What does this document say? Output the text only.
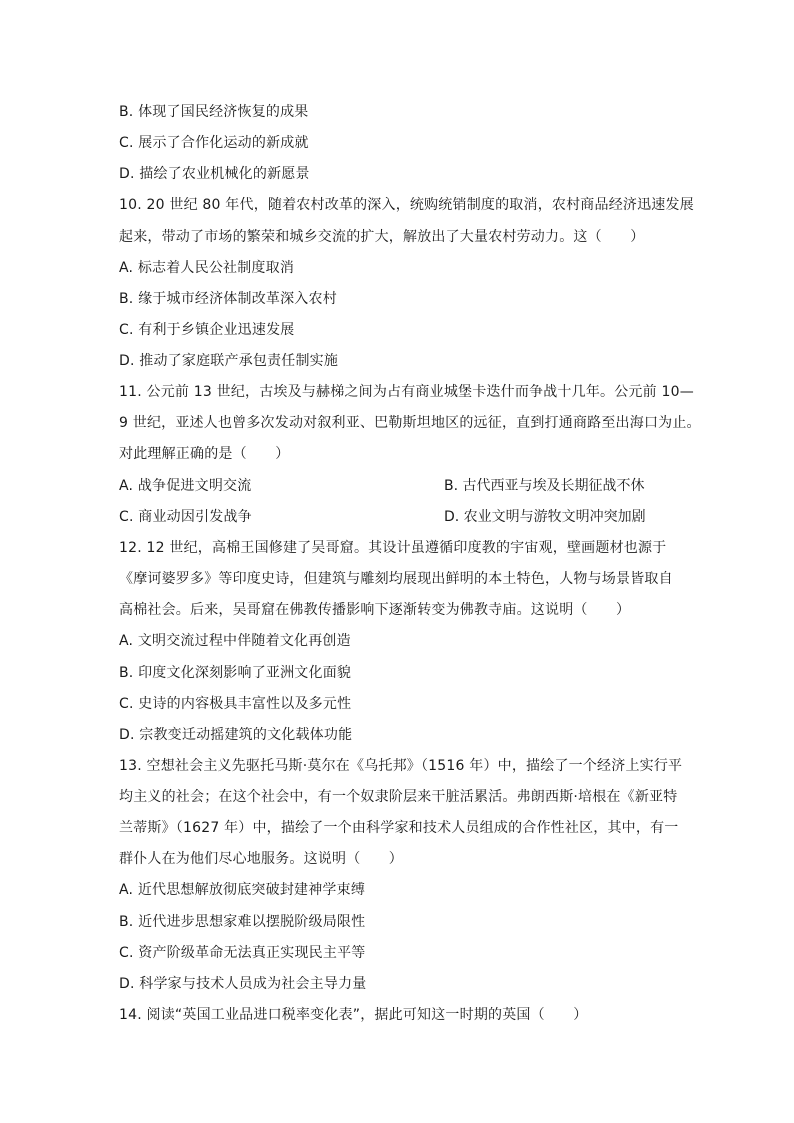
B. 体现了国民经济恢复的成果
C. 展示了合作化运动的新成就
D. 描绘了农业机械化的新愿景
10. 20 世纪 80 年代，随着农村改革的深入，统购统销制度的取消，农村商品经济迅速发展
起来，带动了市场的繁荣和城乡交流的扩大，解放出了大量农村劳动力。这（　　）
A. 标志着人民公社制度取消
B. 缘于城市经济体制改革深入农村
C. 有利于乡镇企业迅速发展
D. 推动了家庭联产承包责任制实施
11. 公元前 13 世纪，古埃及与赫梯之间为占有商业城堡卡迭什而争战十几年。公元前 10—
9 世纪，亚述人也曾多次发动对叙利亚、巴勒斯坦地区的远征，直到打通商路至出海口为止。
对此理解正确的是（　　）
A. 战争促进文明交流	B. 古代西亚与埃及长期征战不休
C. 商业动因引发战争	D. 农业文明与游牧文明冲突加剧
12. 12 世纪，高棉王国修建了吴哥窟。其设计虽遵循印度教的宇宙观，壁画题材也源于
《摩诃婆罗多》等印度史诗，但建筑与雕刻均展现出鲜明的本土特色，人物与场景皆取自
高棉社会。后来，吴哥窟在佛教传播影响下逐渐转变为佛教寺庙。这说明（　　）
A. 文明交流过程中伴随着文化再创造
B. 印度文化深刻影响了亚洲文化面貌
C. 史诗的内容极具丰富性以及多元性
D. 宗教变迁动摇建筑的文化载体功能
13. 空想社会主义先驱托马斯·莫尔在《乌托邦》（1516 年）中，描绘了一个经济上实行平
均主义的社会；在这个社会中，有一个奴隶阶层来干脏活累活。弗朗西斯·培根在《新亚特
兰蒂斯》（1627 年）中，描绘了一个由科学家和技术人员组成的合作性社区，其中，有一
群仆人在为他们尽心地服务。这说明（　　）
A. 近代思想解放彻底突破封建神学束缚
B. 近代进步思想家难以摆脱阶级局限性
C. 资产阶级革命无法真正实现民主平等
D. 科学家与技术人员成为社会主导力量
14. 阅读“英国工业品进口税率变化表”，据此可知这一时期的英国（　　）
